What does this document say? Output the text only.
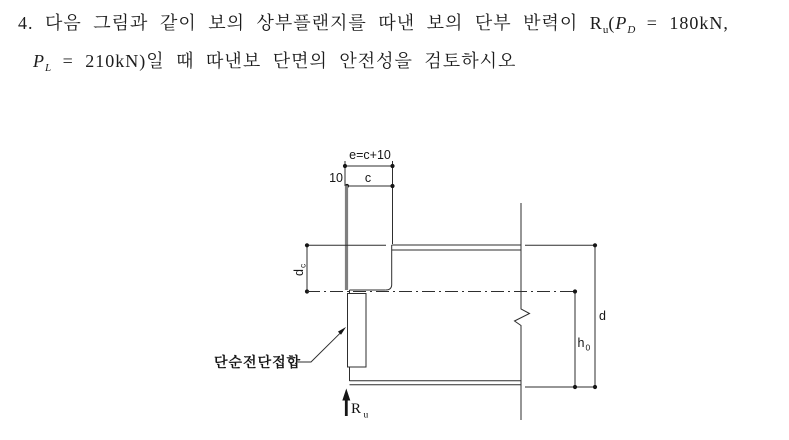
4. 다음 그림과 같이 보의 상부플랜지를 따낸 보의 단부 반력이 $R_u(P_D = 180kN$,
$P_L = 210kN$)일 때 따낸보 단면의 안전성을 검토하시오
e=c+10
10 c
d
c
d
h 0
단순전단접합
R u
